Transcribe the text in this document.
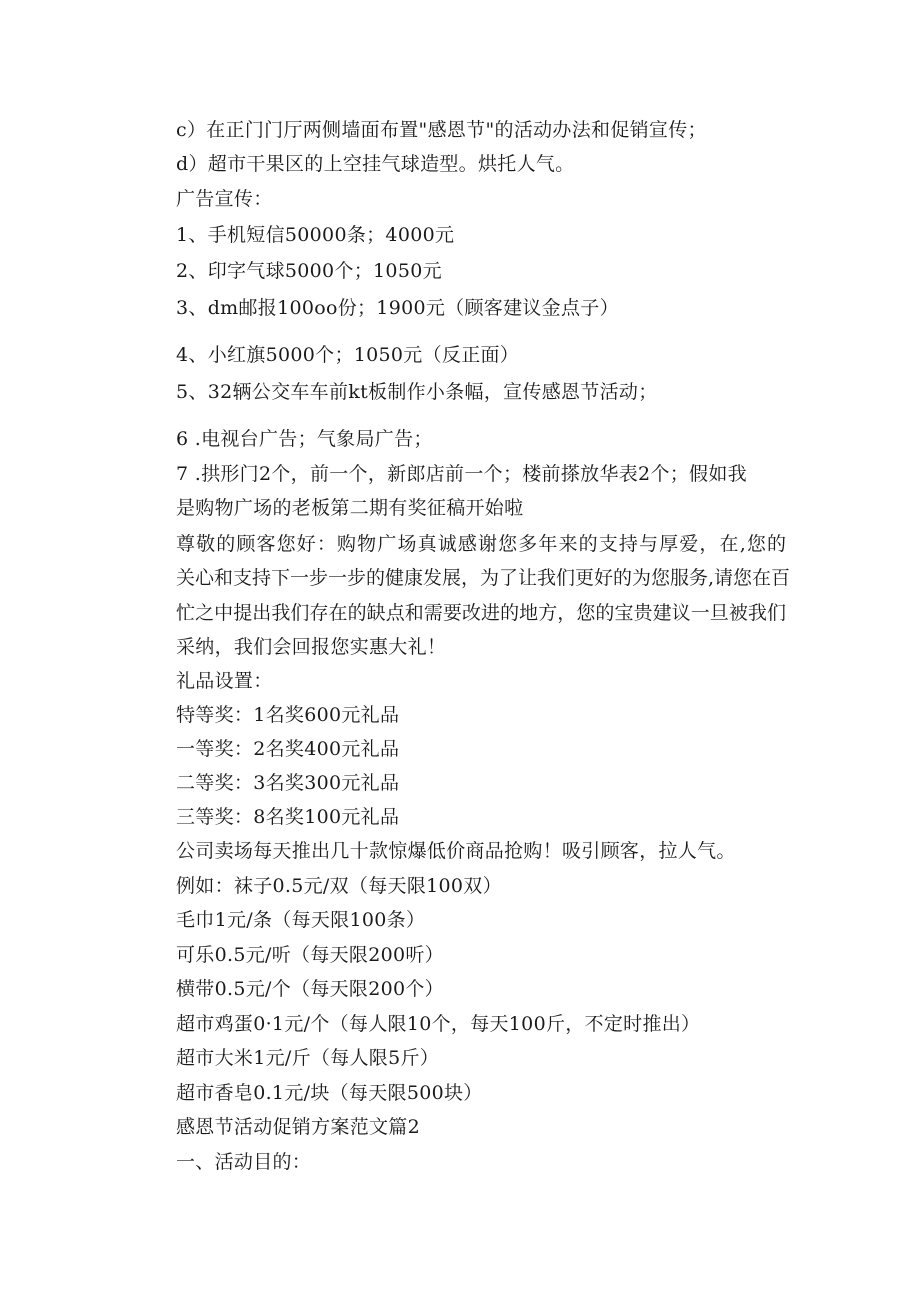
c）在正门门厅两侧墙面布置"感恩节"的活动办法和促销宣传；
d）超市干果区的上空挂气球造型。烘托人气。
广告宣传：
1、手机短信50000条；4000元
2、印字气球5000个；1050元
3、dm邮报100oo份；1900元（顾客建议金点子）
4、小红旗5000个；1050元（反正面）
5、32辆公交车车前kt板制作小条幅，宣传感恩节活动；
6 .电视台广告；气象局广告；
7 .拱形门2个，前一个，新郎店前一个；楼前搽放华表2个；假如我
是购物广场的老板第二期有奖征稿开始啦
尊敬的顾客您好：购物广场真诚感谢您多年来的支持与厚爱，在,您的
关心和支持下一步一步的健康发展，为了让我们更好的为您服务,请您在百
忙之中提出我们存在的缺点和需要改进的地方，您的宝贵建议一旦被我们
采纳，我们会回报您实惠大礼！
礼品设置：
特等奖：1名奖600元礼品
一等奖：2名奖400元礼品
二等奖：3名奖300元礼品
三等奖：8名奖100元礼品
公司卖场每天推出几十款惊爆低价商品抢购！吸引顾客，拉人气。
例如：袜子0.5元/双（每天限100双）
毛巾1元/条（每天限100条）
可乐0.5元/听（每天限200听）
横带0.5元/个（每天限200个）
超市鸡蛋0·1元/个（每人限10个，每天100斤，不定时推出）
超市大米1元/斤（每人限5斤）
超市香皂0.1元/块（每天限500块）
感恩节活动促销方案范文篇2
一、活动目的：
